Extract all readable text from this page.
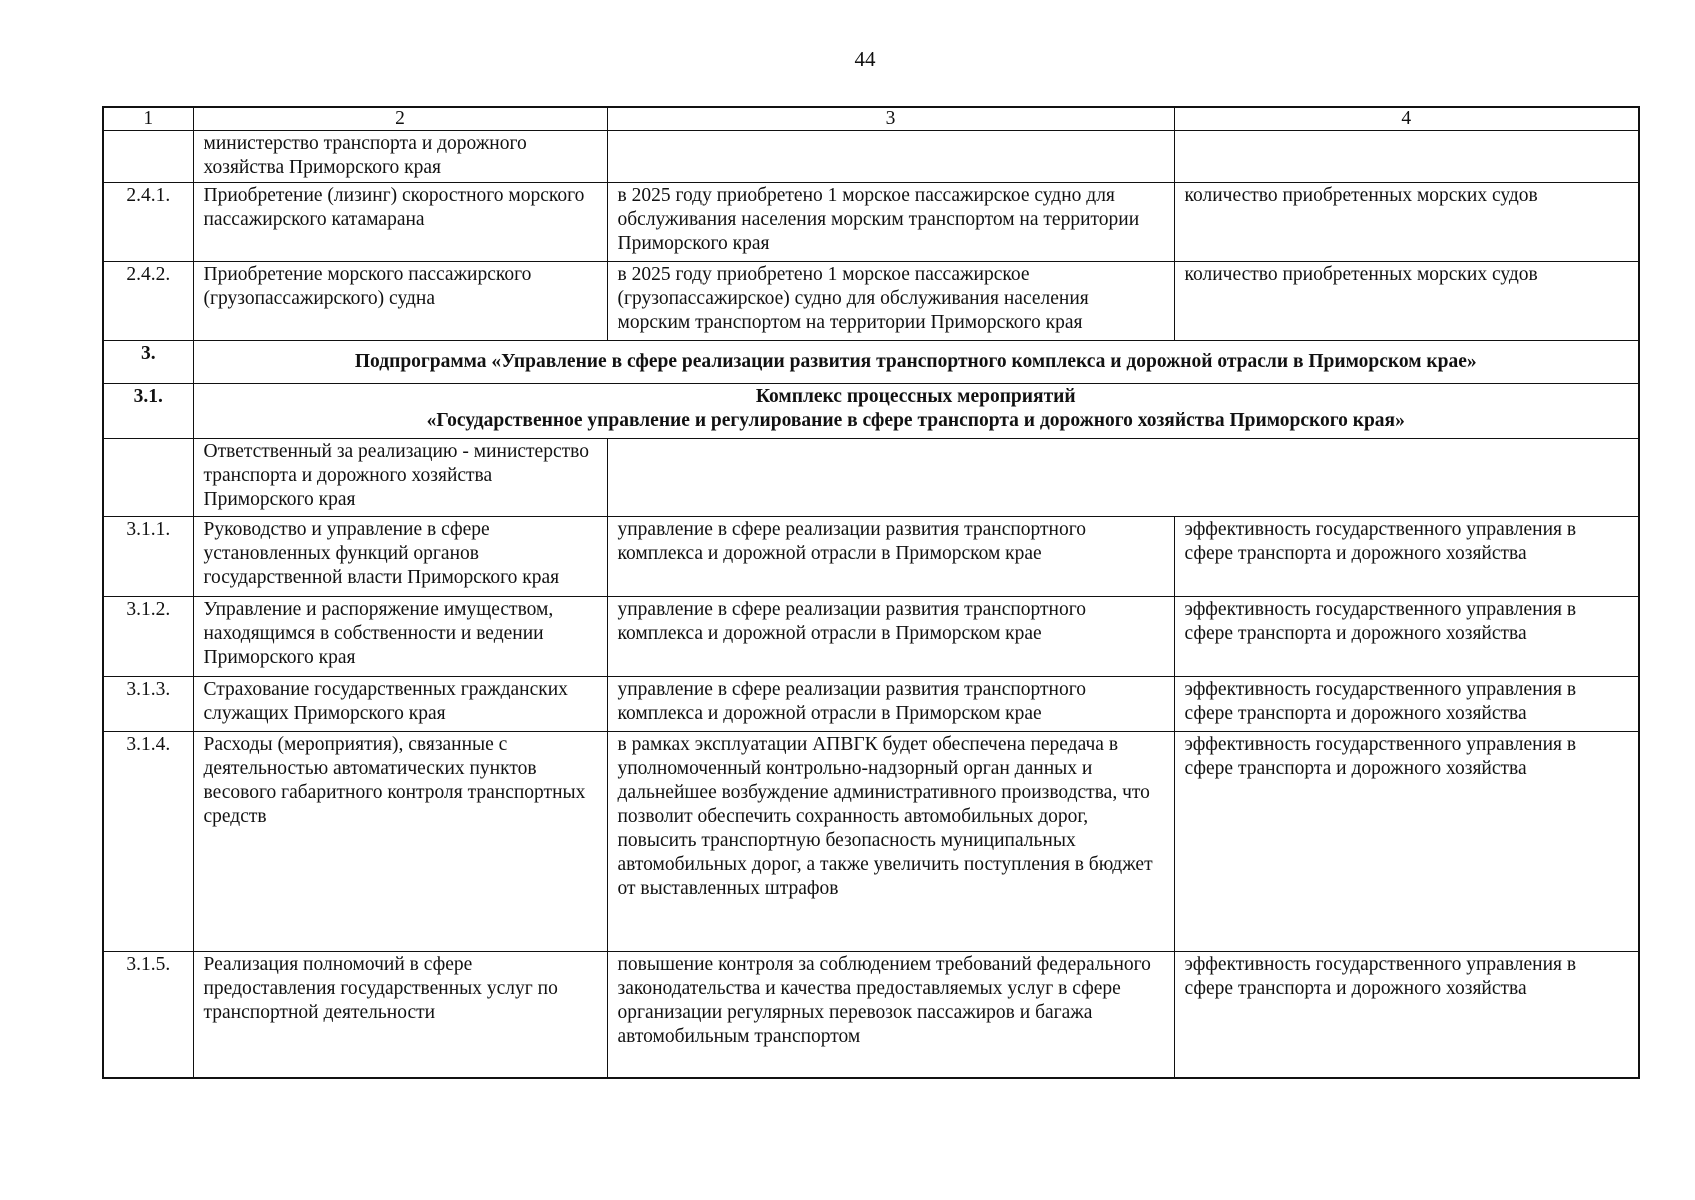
44
1	2	3	4
	министерство транспорта и дорожного хозяйства Приморского края		
2.4.1.	Приобретение (лизинг) скоростного морского пассажирского катамарана	в 2025 году приобретено 1 морское пассажирское судно для обслуживания населения морским транспортом на территории Приморского края	количество приобретенных морских судов
2.4.2.	Приобретение морского пассажирского (грузопассажирского) судна	в 2025 году приобретено 1 морское пассажирское (грузопассажирское) судно для обслуживания населения морским транспортом на территории Приморского края	количество приобретенных морских судов
3.	Подпрограмма «Управление в сфере реализации развития транспортного комплекса и дорожной отрасли в Приморском крае»		
3.1.	Комплекс процессных мероприятий
«Государственное управление и регулирование в сфере транспорта и дорожного хозяйства Приморского края»		

	Ответственный за реализацию - министерство транспорта и дорожного хозяйства Приморского края		
3.1.1.	Руководство и управление в сфере установленных функций органов государственной власти Приморского края	управление в сфере реализации развития транспортного комплекса и дорожной отрасли в Приморском крае	эффективность государственного управления в сфере транспорта и дорожного хозяйства
3.1.2.	Управление и распоряжение имуществом, находящимся в собственности и ведении Приморского края	управление в сфере реализации развития транспортного комплекса и дорожной отрасли в Приморском крае	эффективность государственного управления в сфере транспорта и дорожного хозяйства
3.1.3.	Страхование государственных гражданских служащих Приморского края	управление в сфере реализации развития транспортного комплекса и дорожной отрасли в Приморском крае	эффективность государственного управления в сфере транспорта и дорожного хозяйства
3.1.4.	Расходы (мероприятия), связанные с деятельностью автоматических пунктов весового габаритного контроля транспортных средств	в рамках эксплуатации АПВГК будет обеспечена передача в уполномоченный контрольно-надзорный орган данных и дальнейшее возбуждение административного производства, что позволит обеспечить сохранность автомобильных дорог, повысить транспортную безопасность муниципальных автомобильных дорог, а также увеличить поступления в бюджет от выставленных штрафов	эффективность государственного управления в сфере транспорта и дорожного хозяйства
3.1.5.	Реализация полномочий в сфере предоставления государственных услуг по транспортной деятельности	повышение контроля за соблюдением требований федерального законодательства и качества предоставляемых услуг в сфере организации регулярных перевозок пассажиров и багажа автомобильным транспортом	эффективность государственного управления в сфере транспорта и дорожного хозяйства
